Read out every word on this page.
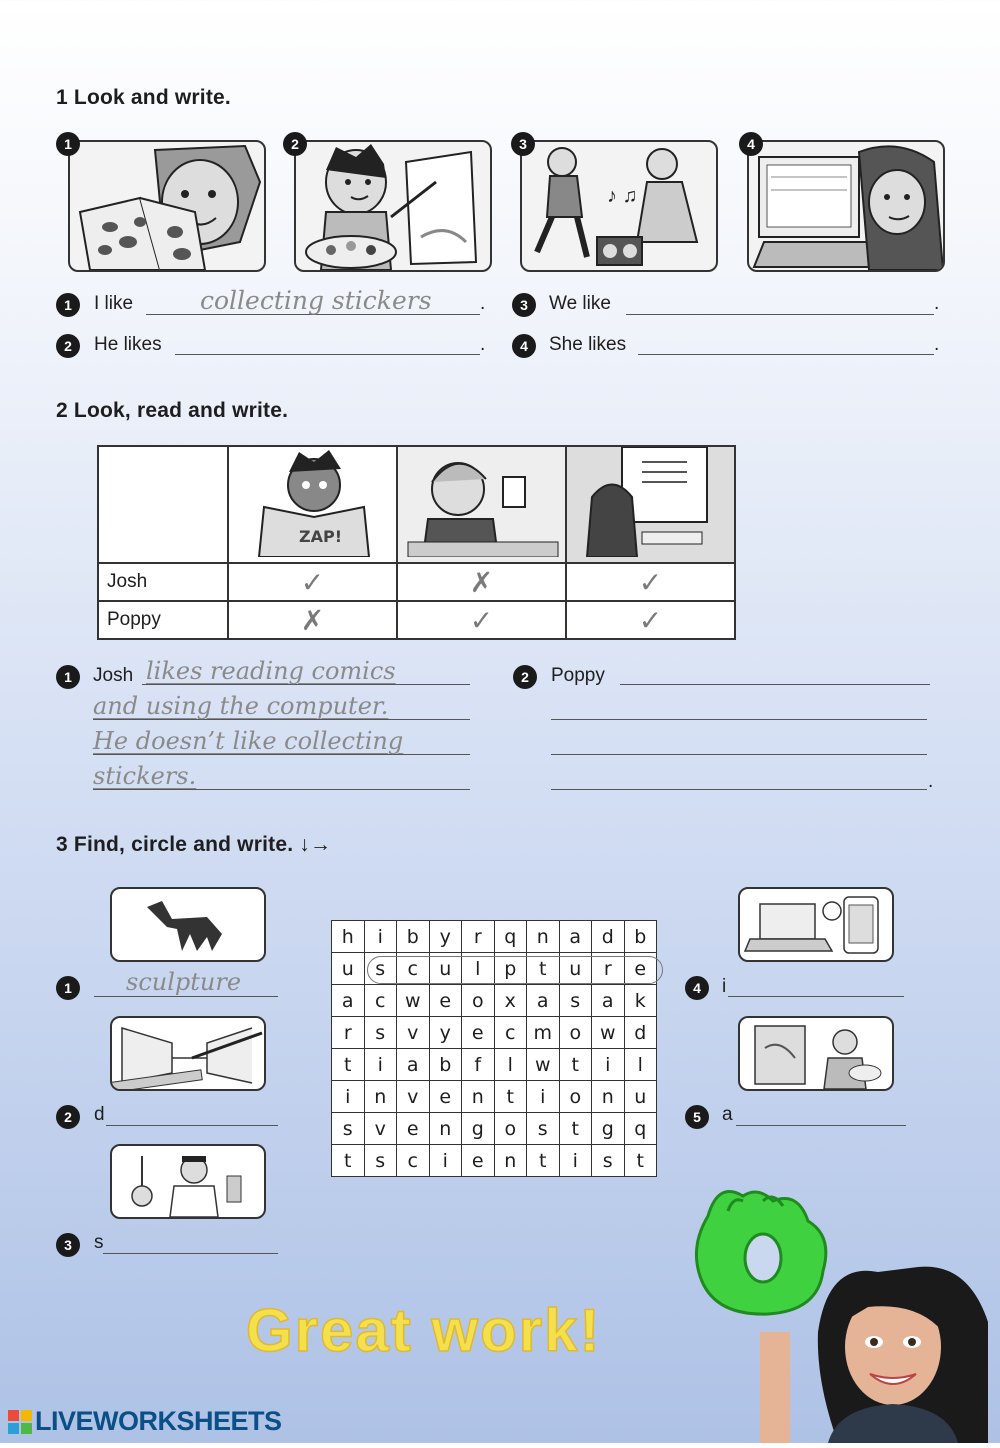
1 Look and write.
1	2
♪ ♫
3	4
1	I like	collecting stickers	.
2	He likes	.
3	We like	.
4	She likes	.
2 Look, read and write.

ZAP!

Josh	✓	✗	✓
Poppy	✗	✓	✓
1	Josh likes reading comics
and using the computer.
He doesn’t like collecting
stickers.
2	Poppy
.
3 Find, circle and write. ↓→
1	sculpture
2	d
3	s
h	i	b	y	r	q	n	a	d	b
u	s	c	u	l	p	t	u	r	e
a	c	w	e	o	x	a	s	a	k
r	s	v	y	e	c	m	o	w	d
t	i	a	b	f	l	w	t	i	l
i	n	v	e	n	t	i	o	n	u
s	v	e	n	g	o	s	t	g	q
t	s	c	i	e	n	t	i	s	t
4	i
5	a
Great work!
LIVEWORKSHEETS
